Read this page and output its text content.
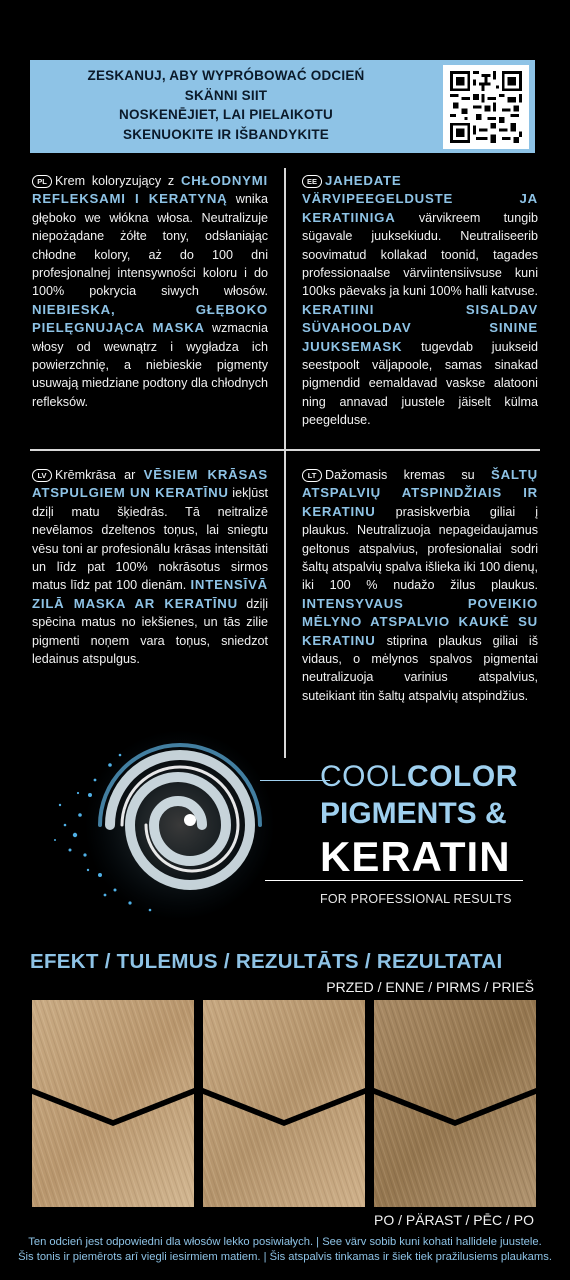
ZESKANUJ, ABY WYPRÓBOWAĆ ODCIEŃ
SKÄNNI SIIT
NOSKENĒJIET, LAI PIELAIKOTU
SKENUOKITE IR IŠBANDYKITE
PL Krem koloryzujący z CHŁODNYMI REFLEKSAMI I KERATYNĄ wnika głęboko we włókna włosa. Neutralizuje niepożądane żółte tony, odsłaniając chłodne kolory, aż do 100 dni profesjonalnej intensywności koloru i do 100% pokrycia siwych włosów. NIEBIESKA, GŁĘBOKO PIELĘGNUJĄCA MASKA wzmacnia włosy od wewnątrz i wygładza ich powierzchnię, a niebieskie pigmenty usuwają miedziane podtony dla chłodnych refleksów.
EE JAHEDATE VÄRVIPEEGELDUSTE JA KERATIINIGA värvikreem tungib sügavale juuksekiudu. Neutraliseerib soovimatud kollakad toonid, tagades professionaalse värviintensiivsuse kuni 100ks päevaks ja kuni 100% halli katvuse. KERATIINI SISALDAV SÜVAHOOLDAV SININE JUUKSEMASK tugevdab juukseid seestpoolt väljapoole, samas sinakad pigmendid eemaldavad vaskse alatooni ning annavad juustele jäiselt külma peegelduse.
LV Krēmkrāsa ar VĒSIEM KRĀSAS ATSPULGIEM UN KERATĪNU iekļūst dziļi matu šķiedrās. Tā neitralizē nevēlamos dzeltenos toņus, lai sniegtu vēsu toni ar profesionālu krāsas intensitāti un līdz pat 100% nokrāsotus sirmos matus līdz pat 100 dienām. INTENSĪVĀ ZILĀ MASKA AR KERATĪNU dziļi spēcina matus no iekšienes, un tās zilie pigmenti noņem vara toņus, sniedzot ledainus atspulgus.
LT Dažomasis kremas su ŠALTŲ ATSPALVIŲ ATSPINDŽIAIS IR KERATINU prasiskverbia giliai į plaukus. Neutralizuoja nepageidaujamus geltonus atspalvius, profesionaliai sodri šaltų atspalvių spalva išlieka iki 100 dienų, iki 100 % nudažo žilus plaukus. INTENSYVAUS POVEIKIO MĖLYNO ATSPALVIO KAUKĖ SU KERATINU stiprina plaukus giliai iš vidaus, o mėlynos spalvos pigmentai neutralizuoja varinius atspalvius, suteikiant itin šaltų atspalvių atspindžius.
COOLCOLOR
PIGMENTS &
KERATIN
FOR PROFESSIONAL RESULTS
EFEKT / TULEMUS / REZULTĀTS / REZULTATAI
PRZED / ENNE / PIRMS / PRIEŠ
PO / PÄRAST / PĒC / PO
Ten odcień jest odpowiedni dla włosów lekko posiwiałych. | See värv sobib kuni kohati hallidele juustele.
Šis tonis ir piemērots arī viegli iesirmiem matiem. | Šis atspalvis tinkamas ir šiek tiek pražilusiems plaukams.
